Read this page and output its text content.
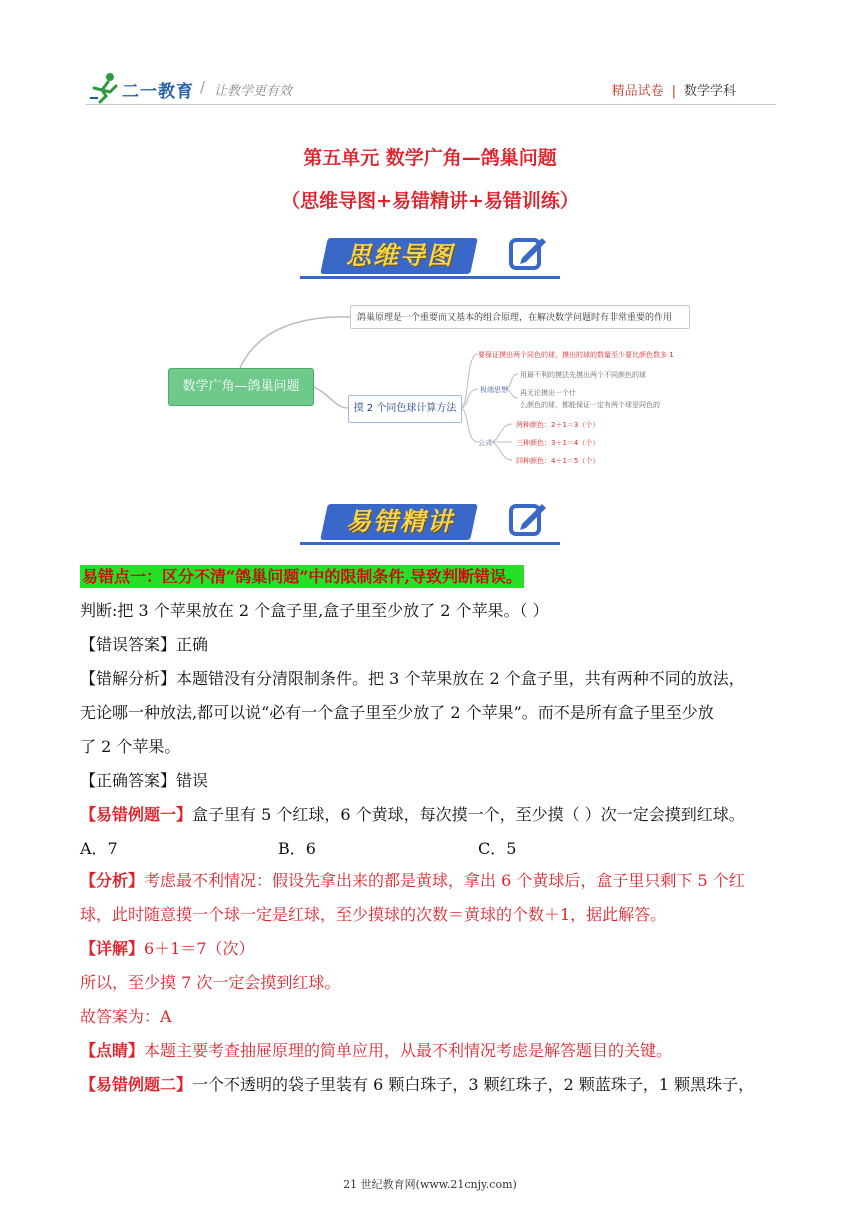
二一教育 / 让教学更有效	精品试卷 | 数学学科
第五单元 数学广角—鸽巢问题
（思维导图+易错精讲+易错训练）
思维导图
数学广角—鸽巢问题
鸽巢原理是一个重要而又基本的组合原理，在解决数学问题时有非常重要的作用
摸 2 个同色球计算方法
要保证摸出两个同色的球，摸出的球的数量至少要比颜色数多 1
极端思想
用最不利的摸法先摸出两个不同颜色的球
再无论摸出一个什
么颜色的球，都能保证一定有两个球是同色的
公式
两种颜色：2＋1＝3（个）
三种颜色：3＋1＝4（个）
四种颜色：4＋1＝5（个）
易错精讲
易错点一：区分不清“鸽巢问题”中的限制条件,导致判断错误。
判断:把 3 个苹果放在 2 个盒子里,盒子里至少放了 2 个苹果。（ ）
【错误答案】正确
【错解分析】本题错没有分清限制条件。把 3 个苹果放在 2 个盒子里，共有两种不同的放法，
无论哪一种放法,都可以说“必有一个盒子里至少放了 2 个苹果”。而不是所有盒子里至少放
了 2 个苹果。
【正确答案】错误
【易错例题一】盒子里有 5 个红球，6 个黄球，每次摸一个，至少摸（ ）次一定会摸到红球。
A．7	B．6	C．5
【分析】考虑最不利情况：假设先拿出来的都是黄球，拿出 6 个黄球后，盒子里只剩下 5 个红
球，此时随意摸一个球一定是红球，至少摸球的次数＝黄球的个数＋1，据此解答。
【详解】6＋1＝7（次）
所以，至少摸 7 次一定会摸到红球。
故答案为：A
【点睛】本题主要考查抽屉原理的简单应用，从最不利情况考虑是解答题目的关键。
【易错例题二】一个不透明的袋子里装有 6 颗白珠子，3 颗红珠子，2 颗蓝珠子，1 颗黑珠子，
21 世纪教育网(www.21cnjy.com)
